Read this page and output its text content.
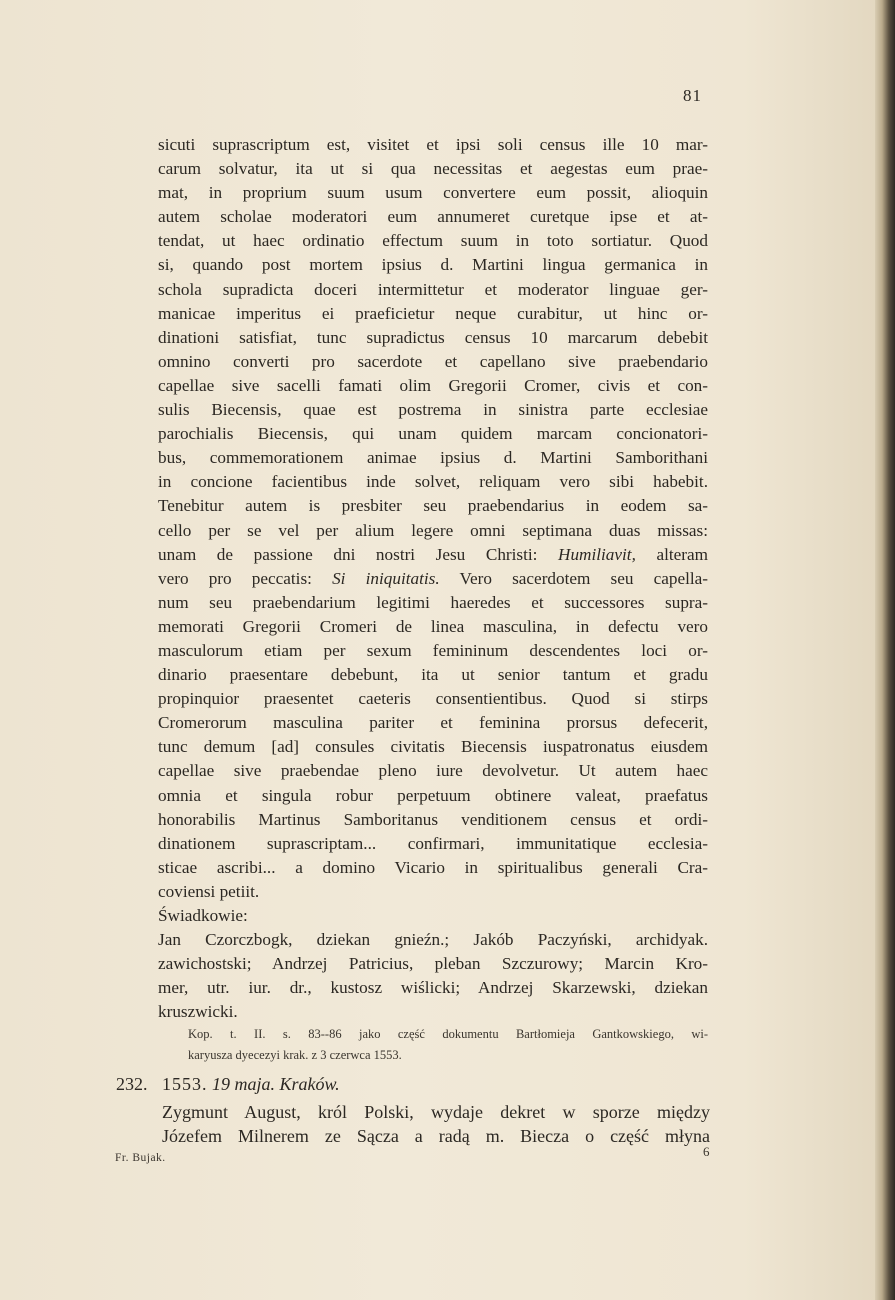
81
sicuti suprascriptum est, visitet et ipsi soli census ille 10 mar-
carum solvatur, ita ut si qua necessitas et aegestas eum prae-
mat, in proprium suum usum convertere eum possit, alioquin
autem scholae moderatori eum annumeret curetque ipse et at-
tendat, ut haec ordinatio effectum suum in toto sortiatur. Quod
si, quando post mortem ipsius d. Martini lingua germanica in
schola supradicta doceri intermittetur et moderator linguae ger-
manicae imperitus ei praeficietur neque curabitur, ut hinc or-
dinationi satisfiat, tunc supradictus census 10 marcarum debebit
omnino converti pro sacerdote et capellano sive praebendario
capellae sive sacelli famati olim Gregorii Cromer, civis et con-
sulis Biecensis, quae est postrema in sinistra parte ecclesiae
parochialis Biecensis, qui unam quidem marcam concionatori-
bus, commemorationem animae ipsius d. Martini Samborithani
in concione facientibus inde solvet, reliquam vero sibi habebit.
Tenebitur autem is presbiter seu praebendarius in eodem sa-
cello per se vel per alium legere omni septimana duas missas:
unam de passione dni nostri Jesu Christi: Humiliavit, alteram
vero pro peccatis: Si iniquitatis. Vero sacerdotem seu capella-
num seu praebendarium legitimi haeredes et successores supra-
memorati Gregorii Cromeri de linea masculina, in defectu vero
masculorum etiam per sexum femininum descendentes loci or-
dinario praesentare debebunt, ita ut senior tantum et gradu
propinquior praesentet caeteris consentientibus. Quod si stirps
Cromerorum masculina pariter et feminina prorsus defecerit,
tunc demum [ad] consules civitatis Biecensis iuspatronatus eiusdem
capellae sive praebendae pleno iure devolvetur. Ut autem haec
omnia et singula robur perpetuum obtinere valeat, praefatus
honorabilis Martinus Samboritanus venditionem census et ordi-
dinationem suprascriptam... confirmari, immunitatique ecclesia-
sticae ascribi... a domino Vicario in spiritualibus generali Cra-
coviensi petiit.
Świadkowie:
Jan Czorczbogk, dziekan gnieźn.; Jakób Paczyński, archidyak.
zawichostski; Andrzej Patricius, pleban Szczurowy; Marcin Kro-
mer, utr. iur. dr., kustosz wiślicki; Andrzej Skarzewski, dziekan
kruszwicki.
Kop. t. II. s. 83--86 jako część dokumentu Bartłomieja Gantkowskiego, wi-
karyusza dyecezyi krak. z 3 czerwca 1553.
232. 1553. 19 maja. Kraków.
Zygmunt August, król Polski, wydaje dekret w sporze między
Józefem Milnerem ze Sącza a radą m. Biecza o część młyna
Fr. Bujak.	6
